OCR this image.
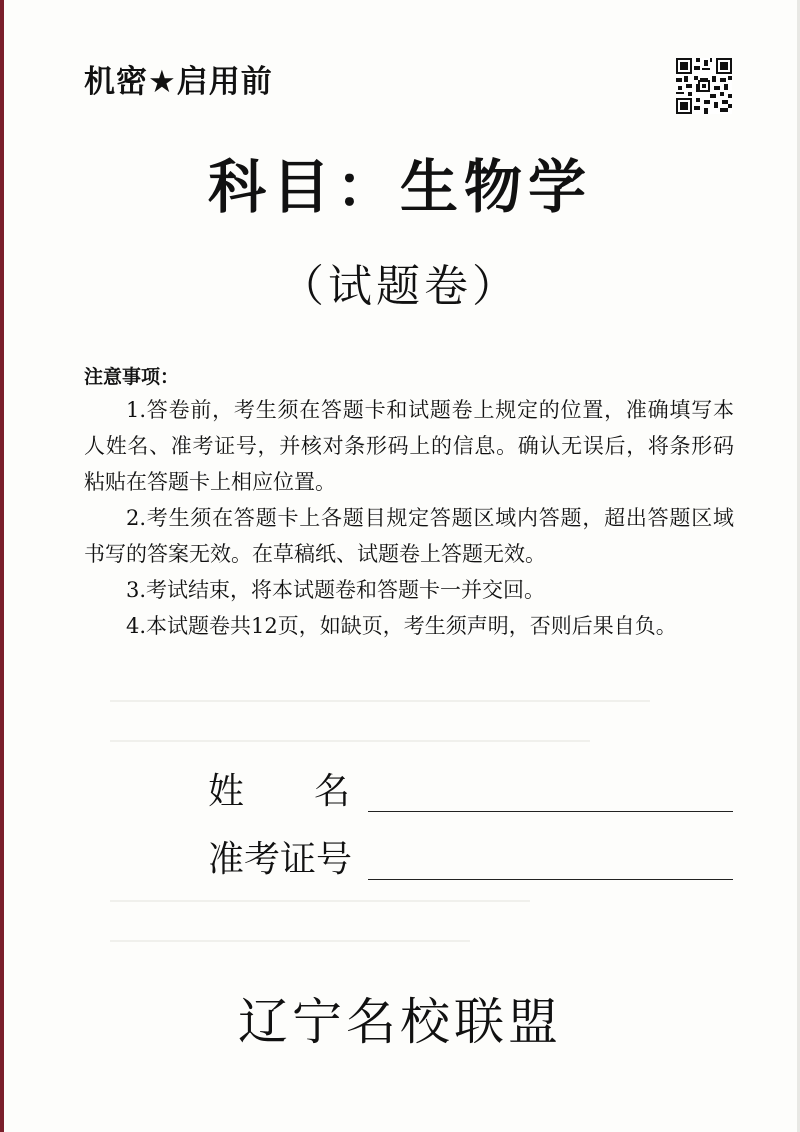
机密★启用前
科目：生物学
（试题卷）
注意事项：

1.答卷前，考生须在答题卡和试题卷上规定的位置，准确填写本人姓名、准考证号，并核对条形码上的信息。确认无误后，将条形码粘贴在答题卡上相应位置。

2.考生须在答题卡上各题目规定答题区域内答题，超出答题区域书写的答案无效。在草稿纸、试题卷上答题无效。

3.考试结束，将本试题卷和答题卡一并交回。

4.本试题卷共12页，如缺页，考生须声明，否则后果自负。

姓名
准考证号
辽宁名校联盟
